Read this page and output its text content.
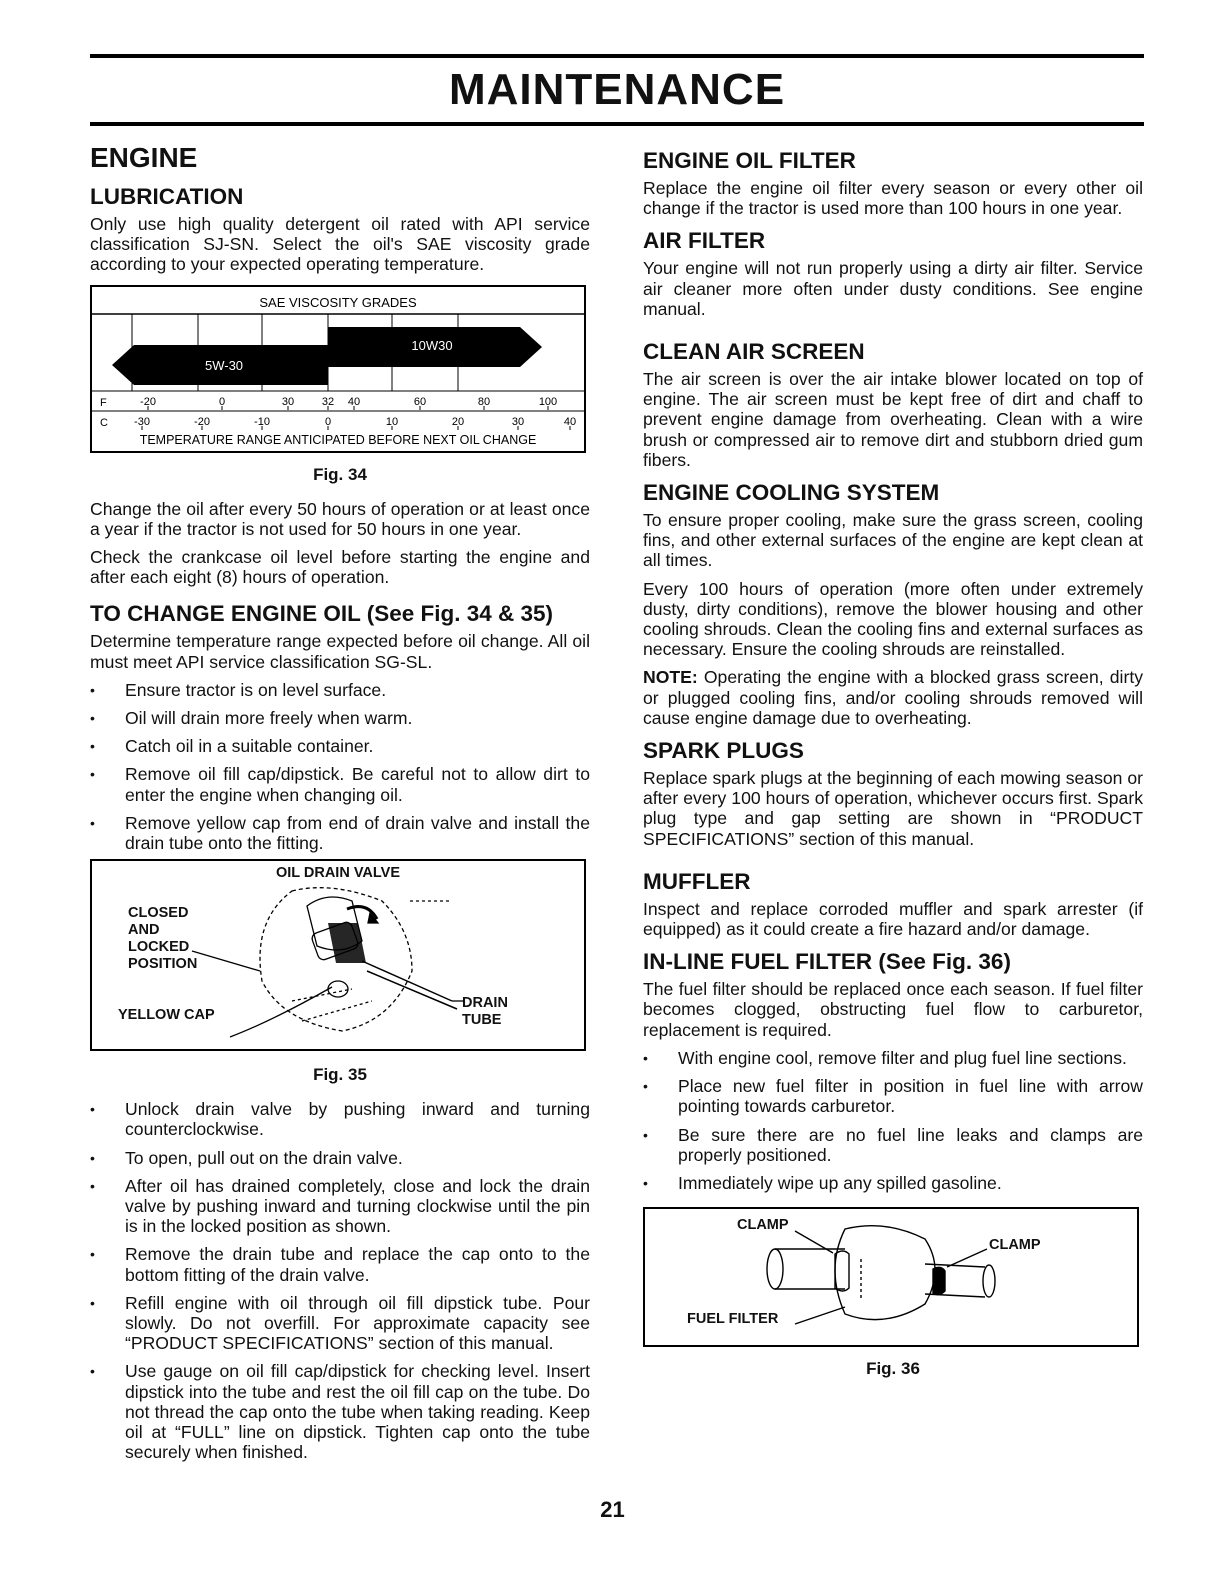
MAINTENANCE
ENGINE
LUBRICATION

Only use high quality detergent oil rated with API service classification SJ-SN. Select the oil's SAE viscosity grade according to your expected operating temperature.

SAE VISCOSITY GRADES
10W30
5W-30
F	-20	0	30	32 40	60	80	100
C -30	-20	-10	0	10	20	30	40
TEMPERATURE RANGE ANTICIPATED BEFORE NEXT OIL CHANGE
Fig. 34

Change the oil after every 50 hours of operation or at least once a year if the tractor is not used for 50 hours in one year.

Check the crankcase oil level before starting the engine and after each eight (8) hours of operation.

TO CHANGE ENGINE OIL (See Fig. 34 & 35)

Determine temperature range expected before oil change. All oil must meet API service classification SG-SL.

• Ensure tractor is on level surface.
• Oil will drain more freely when warm.
• Catch oil in a suitable container.
• Remove oil fill cap/dipstick. Be careful not to allow dirt to enter the engine when changing oil.
• Remove yellow cap from end of drain valve and install the drain tube onto the fitting.
OIL DRAIN VALVE
CLOSED
AND
LOCKED
POSITION
YELLOW CAP
DRAIN
TUBE
Fig. 35
• Unlock drain valve by pushing inward and turning counterclockwise.
• To open, pull out on the drain valve.
• After oil has drained completely, close and lock the drain valve by pushing inward and turning clockwise until the pin is in the locked position as shown.
• Remove the drain tube and replace the cap onto to the bottom fitting of the drain valve.
• Refill engine with oil through oil fill dipstick tube. Pour slowly. Do not overfill. For approximate capacity see “PRODUCT SPECIFICATIONS” section of this manual.
• Use gauge on oil fill cap/dipstick for checking level. Insert dipstick into the tube and rest the oil fill cap on the tube. Do not thread the cap onto the tube when taking reading. Keep oil at “FULL” line on dipstick. Tighten cap onto the tube securely when finished.
ENGINE OIL FILTER

Replace the engine oil filter every season or every other oil change if the tractor is used more than 100 hours in one year.

AIR FILTER

Your engine will not run properly using a dirty air filter. Service air cleaner more often under dusty conditions. See engine manual.

CLEAN AIR SCREEN

The air screen is over the air intake blower located on top of engine. The air screen must be kept free of dirt and chaff to prevent engine damage from overheating. Clean with a wire brush or compressed air to remove dirt and stubborn dried gum fibers.

ENGINE COOLING SYSTEM

To ensure proper cooling, make sure the grass screen, cooling fins, and other external surfaces of the engine are kept clean at all times.

Every 100 hours of operation (more often under extremely dusty, dirty conditions), remove the blower housing and other cooling shrouds. Clean the cooling fins and external surfaces as necessary. Ensure the cooling shrouds are reinstalled.

NOTE: Operating the engine with a blocked grass screen, dirty or plugged cooling fins, and/or cooling shrouds removed will cause engine damage due to overheating.

SPARK PLUGS

Replace spark plugs at the beginning of each mowing season or after every 100 hours of operation, whichever occurs first. Spark plug type and gap setting are shown in “PRODUCT SPECIFICATIONS” section of this manual.

MUFFLER

Inspect and replace corroded muffler and spark arrester (if equipped) as it could create a fire hazard and/or damage.

IN-LINE FUEL FILTER (See Fig. 36)

The fuel filter should be replaced once each season. If fuel filter becomes clogged, obstructing fuel flow to carburetor, replacement is required.

• With engine cool, remove filter and plug fuel line sections.
• Place new fuel filter in position in fuel line with arrow pointing towards carburetor.
• Be sure there are no fuel line leaks and clamps are properly positioned.
• Immediately wipe up any spilled gasoline.
CLAMP
CLAMP
FUEL FILTER
Fig. 36
21
